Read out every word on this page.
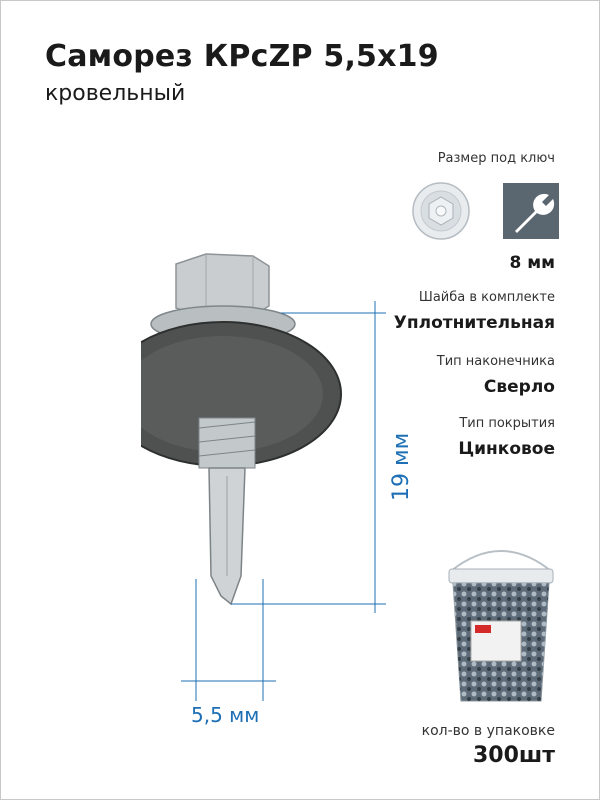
Саморез КРсZP 5,5х19
кровельный
Размер под ключ
8 мм
Шайба в комплекте
Уплотнительная
Тип наконечника
Сверло
Тип покрытия
Цинковое
19 мм
5,5 мм
кол-во в упаковке
300шт
